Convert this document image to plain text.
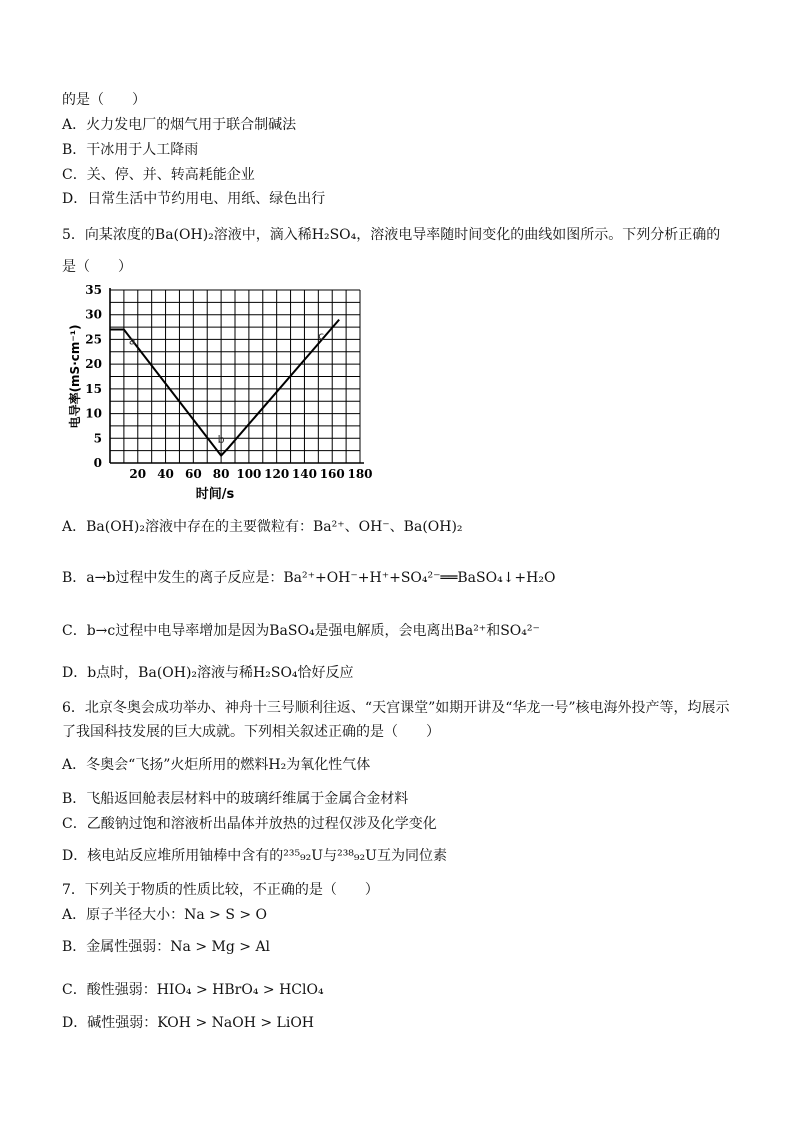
的是（　　）
A．火力发电厂的烟气用于联合制碱法
B．干冰用于人工降雨
C．关、停、并、转高耗能企业
D．日常生活中节约用电、用纸、绿色出行
5．向某浓度的Ba(OH)₂溶液中，滴入稀H₂SO₄，溶液电导率随时间变化的曲线如图所示。下列分析正确的
是（　　）
0
5
10
15
20
25
30
35
20 40 60 80 100 120 140 160 180
时间/s
电导率(mS·cm⁻¹)	a
b
c
A．Ba(OH)₂溶液中存在的主要微粒有：Ba²⁺、OH⁻、Ba(OH)₂
B．a→b过程中发生的离子反应是：Ba²⁺+OH⁻+H⁺+SO₄²⁻══BaSO₄↓+H₂O
C．b→c过程中电导率增加是因为BaSO₄是强电解质，会电离出Ba²⁺和SO₄²⁻
D．b点时，Ba(OH)₂溶液与稀H₂SO₄恰好反应
6．北京冬奥会成功举办、神舟十三号顺利往返、“天宫课堂”如期开讲及“华龙一号”核电海外投产等，均展示了我国科技发展的巨大成就。下列相关叙述正确的是（　　）
A．冬奥会“飞扬”火炬所用的燃料H₂为氧化性气体
B．飞船返回舱表层材料中的玻璃纤维属于金属合金材料
C．乙酸钠过饱和溶液析出晶体并放热的过程仅涉及化学变化
D．核电站反应堆所用铀棒中含有的²³⁵₉₂U与²³⁸₉₂U互为同位素
7．下列关于物质的性质比较，不正确的是（　　）
A．原子半径大小：Na > S > O
B．金属性强弱：Na > Mg > Al
C．酸性强弱：HIO₄ > HBrO₄ > HClO₄
D．碱性强弱：KOH > NaOH > LiOH
